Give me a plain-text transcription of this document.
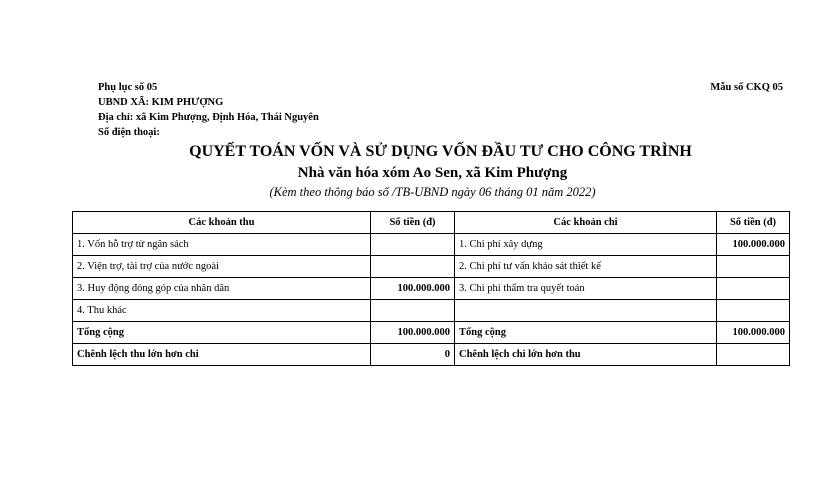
Phụ lục số 05	Mẫu số CKQ 05
UBND XÃ: KIM PHƯỢNG
Địa chỉ: xã Kim Phượng, Định Hóa, Thái Nguyên
Số điện thoại:
QUYẾT TOÁN VỐN VÀ SỬ DỤNG VỐN ĐẦU TƯ CHO CÔNG TRÌNH
Nhà văn hóa xóm Ao Sen, xã Kim Phượng
(Kèm theo thông báo số /TB-UBND ngày 06 tháng 01 năm 2022)
Các khoản thu	Số tiền (đ)	Các khoản chi	Số tiền (đ)
1. Vốn hỗ trợ từ ngân sách		1. Chi phí xây dựng	100.000.000
2. Viện trợ, tài trợ của nước ngoài		2. Chi phí tư vấn khảo sát thiết kế	
3. Huy động đóng góp của nhân dân	100.000.000	3. Chi phí thẩm tra quyết toán	
4. Thu khác			
Tổng cộng	100.000.000	Tổng cộng	100.000.000
Chênh lệch thu lớn hơn chi	0	Chênh lệch chi lớn hơn thu	
